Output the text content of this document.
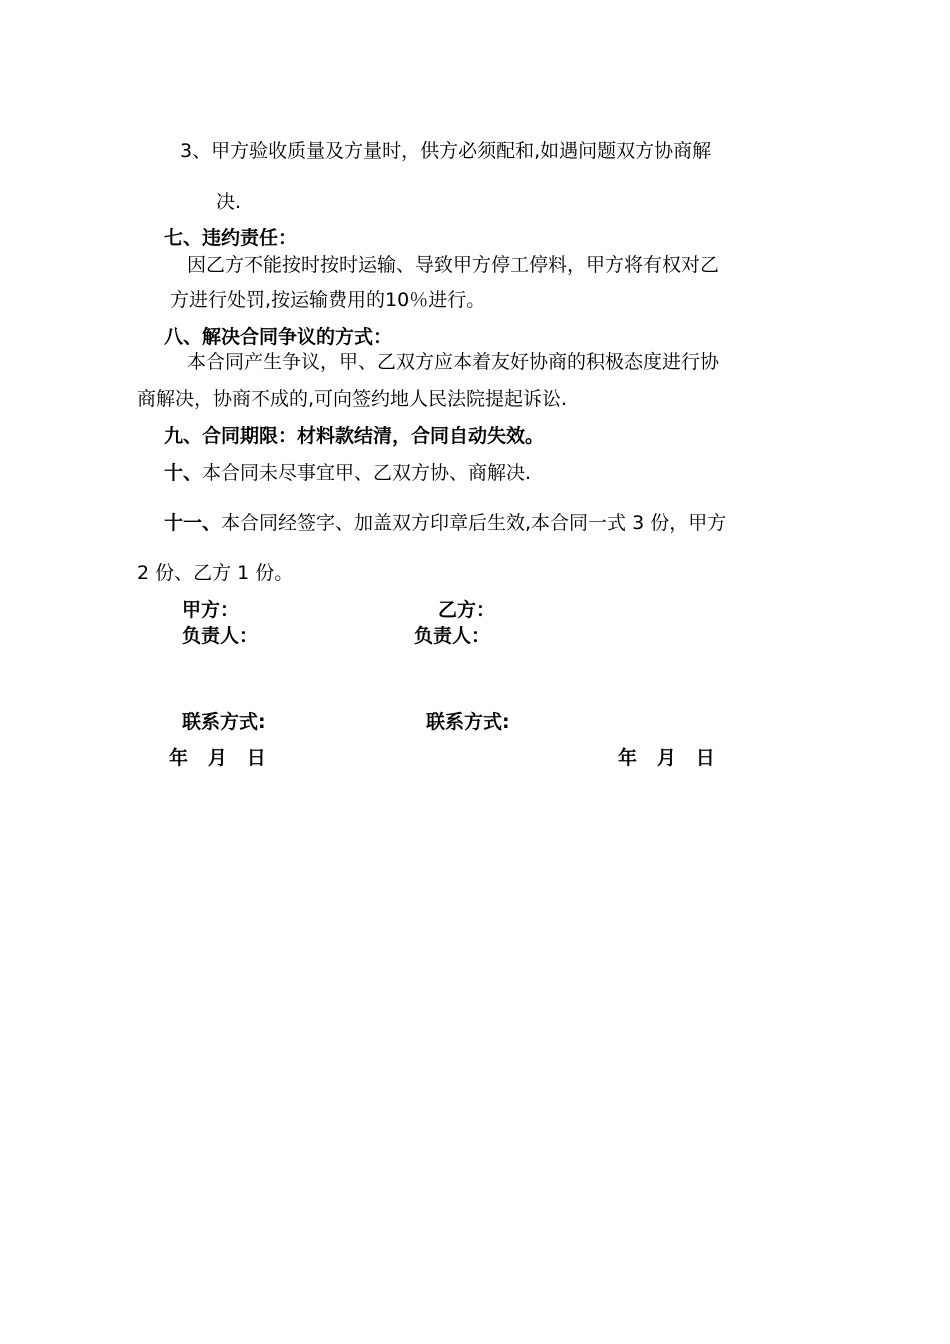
3、甲方验收质量及方量时，供方必须配和,如遇问题双方协商解
决.
七、违约责任：
因乙方不能按时按时运输、导致甲方停工停料，甲方将有权对乙
方进行处罚,按运输费用的10％进行。
八、解决合同争议的方式：
本合同产生争议，甲、乙双方应本着友好协商的积极态度进行协
商解决，协商不成的,可向签约地人民法院提起诉讼.
九、合同期限：材料款结清，合同自动失效。
十、本合同未尽事宜甲、乙双方协、商解决.
十一、本合同经签字、加盖双方印章后生效,本合同一式 3 份，甲方
2 份、乙方 1 份。
甲方：	乙方：
负责人：	负责人：
联系方式:	联系方式:
年   月   日	年   月   日
